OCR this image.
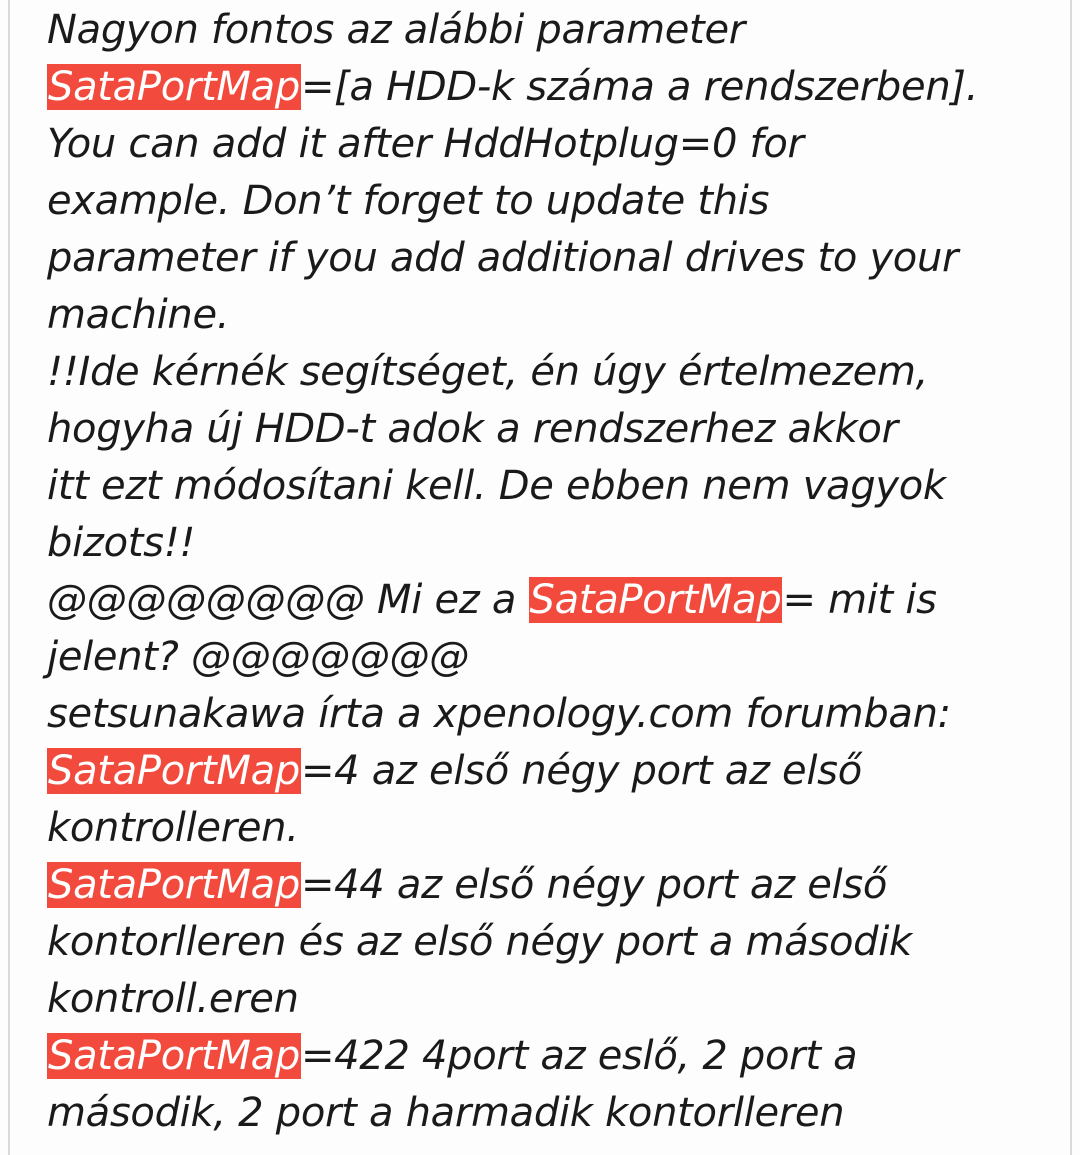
Nagyon fontos az alábbi parameter
SataPortMap=[a HDD-k száma a rendszerben].
You can add it after HddHotplug=0 for
example. Don’t forget to update this
parameter if you add additional drives to your
machine.
!!Ide kérnék segítséget, én úgy értelmezem,
hogyha új HDD-t adok a rendszerhez akkor
itt ezt módosítani kell. De ebben nem vagyok
bizots!!
@@@@@@@@ Mi ez a SataPortMap= mit is
jelent? @@@@@@@
setsunakawa írta a xpenology.com forumban:
SataPortMap=4 az első négy port az első
kontrolleren.
SataPortMap=44 az első négy port az első
kontorlleren és az első négy port a második
kontroll.eren
SataPortMap=422 4port az eslő, 2 port a
második, 2 port a harmadik kontorlleren
